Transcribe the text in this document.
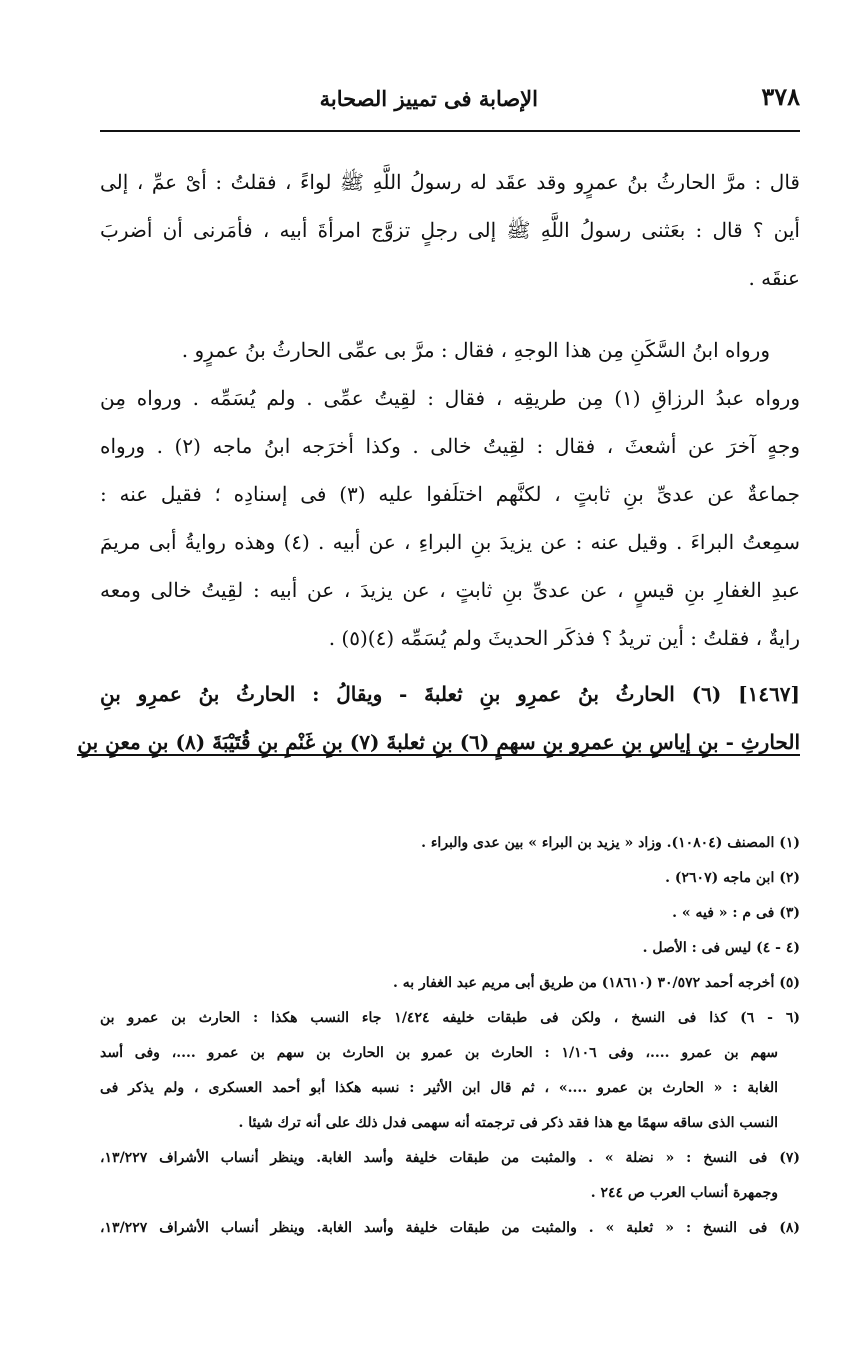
٣٧٨
الإصابة فى تمييز الصحابة
قال : مرَّ الحارثُ بنُ عمرٍو وقد عقَد له رسولُ اللَّهِ ﷺ لواءً ، فقلتُ : أىْ عمِّ ، إلى
أين ؟ قال : بعَثنى رسولُ اللَّهِ ﷺ إلى رجلٍ تزوَّج امرأةَ أبيه ، فأمَرنى أن أضربَ
عنقَه .
ورواه ابنُ السَّكَنِ مِن هذا الوجهِ ، فقال : مرَّ بى عمِّى الحارثُ بنُ عمرٍو .
ورواه عبدُ الرزاقِ (١) مِن طريقِه ، فقال : لقِيتُ عمِّى . ولم يُسَمِّه . ورواه مِن
وجهٍ آخرَ عن أشعثَ ، فقال : لقِيتُ خالى . وكذا أخرَجه ابنُ ماجه (٢) . ورواه
جماعةٌ عن عدىِّ بنِ ثابتٍ ، لكنَّهم اختلَفوا عليه (٣) فى إسنادِه ؛ فقيل عنه :
سمِعتُ البراءَ . وقيل عنه : عن يزيدَ بنِ البراءِ ، عن أبيه . (٤) وهذه روايةُ أبى مريمَ
عبدِ الغفارِ بنِ قيسٍ ، عن عدىِّ بنِ ثابتٍ ، عن يزيدَ ، عن أبيه : لقِيتُ خالى ومعه
رايةٌ ، فقلتُ : أين تريدُ ؟ فذكَر الحديثَ ولم يُسَمِّه (٤)(٥) .
[١٤٦٧] (٦) الحارثُ بنُ عمرِو بنِ ثعلبةَ - ويقالُ : الحارثُ بنُ عمرِو بنِ
الحارثِ - بنِ إياسِ بنِ عمرِو بنِ سهمٍ (٦) بنِ ثعلبةَ (٧) بنِ غَنْمِ بنِ قُتَيْبَةَ (٨) بنِ معنِ بنِ
(١) المصنف (١٠٨٠٤). وزاد « يزيد بن البراء » بين عدى والبراء .
(٢) ابن ماجه (٢٦٠٧) .
(٣) فى م : « فيه » .
(٤ - ٤) ليس فى : الأصل .
(٥) أخرجه أحمد ٣٠/٥٧٢ (١٨٦١٠) من طريق أبى مريم عبد الغفار به .
(٦ - ٦) كذا فى النسخ ، ولكن فى طبقات خليفه ١/٤٢٤ جاء النسب هكذا : الحارث بن عمرو بن
سهم بن عمرو ....، وفى ١/١٠٦ : الحارث بن عمرو بن الحارث بن سهم بن عمرو ....، وفى أسد
الغابة : « الحارث بن عمرو ....» ، ثم قال ابن الأثير : نسبه هكذا أبو أحمد العسكرى ، ولم يذكر فى
النسب الذى ساقه سهمًا مع هذا فقد ذكر فى ترجمته أنه سهمى فدل ذلك على أنه ترك شيئا .
(٧) فى النسخ : « نضلة » . والمثبت من طبقات خليفة وأسد الغابة. وينظر أنساب الأشراف ١٣/٢٢٧،
وجمهرة أنساب العرب ص ٢٤٤ .
(٨) فى النسخ : « ثعلبة » . والمثبت من طبقات خليفة وأسد الغابة. وينظر أنساب الأشراف ١٣/٢٢٧،
